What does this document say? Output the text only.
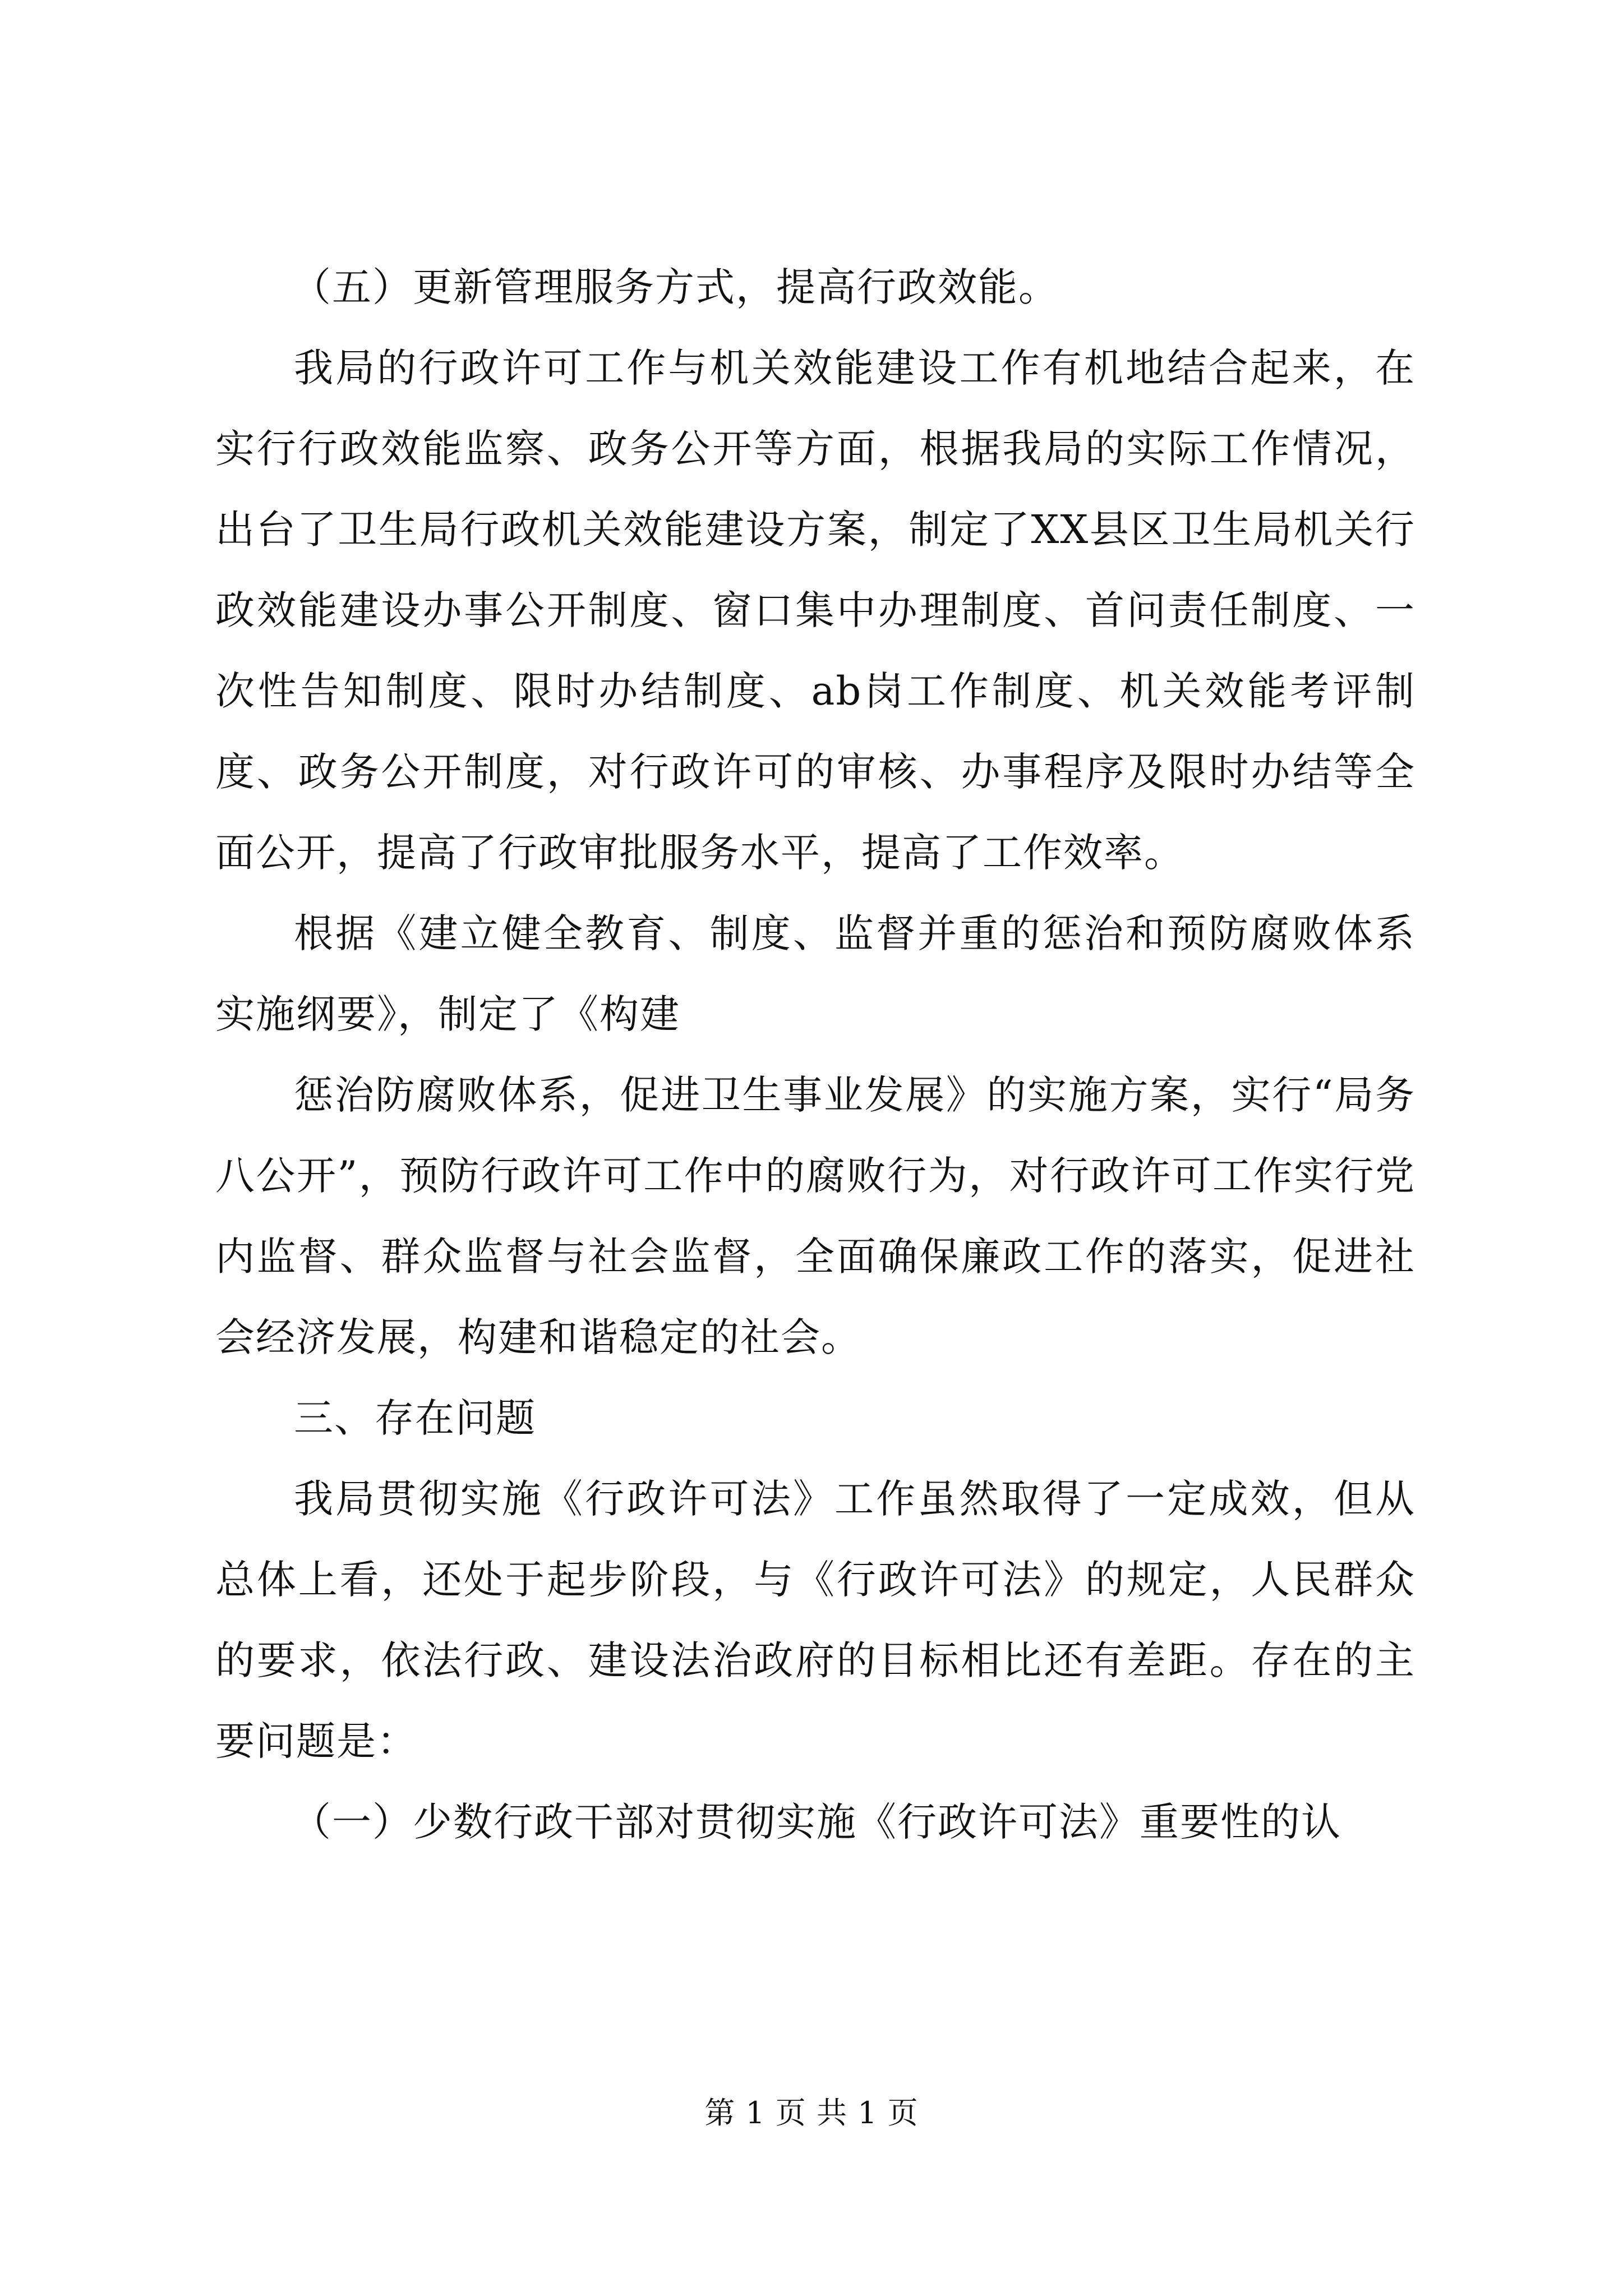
（五）更新管理服务方式，提高行政效能。

我局的行政许可工作与机关效能建设工作有机地结合起来，在实行行政效能监察、政务公开等方面，根据我局的实际工作情况，出台了卫生局行政机关效能建设方案，制定了XX县区卫生局机关行政效能建设办事公开制度、窗口集中办理制度、首问责任制度、一次性告知制度、限时办结制度、ab岗工作制度、机关效能考评制度、政务公开制度，对行政许可的审核、办事程序及限时办结等全面公开，提高了行政审批服务水平，提高了工作效率。

根据《建立健全教育、制度、监督并重的惩治和预防腐败体系实施纲要》，制定了《构建

惩治防腐败体系，促进卫生事业发展》的实施方案，实行“局务八公开”，预防行政许可工作中的腐败行为，对行政许可工作实行党内监督、群众监督与社会监督，全面确保廉政工作的落实，促进社会经济发展，构建和谐稳定的社会。

三、存在问题

我局贯彻实施《行政许可法》工作虽然取得了一定成效，但从总体上看，还处于起步阶段，与《行政许可法》的规定，人民群众的要求，依法行政、建设法治政府的目标相比还有差距。存在的主要问题是：

（一）少数行政干部对贯彻实施《行政许可法》重要性的认

第 1 页 共 1 页
